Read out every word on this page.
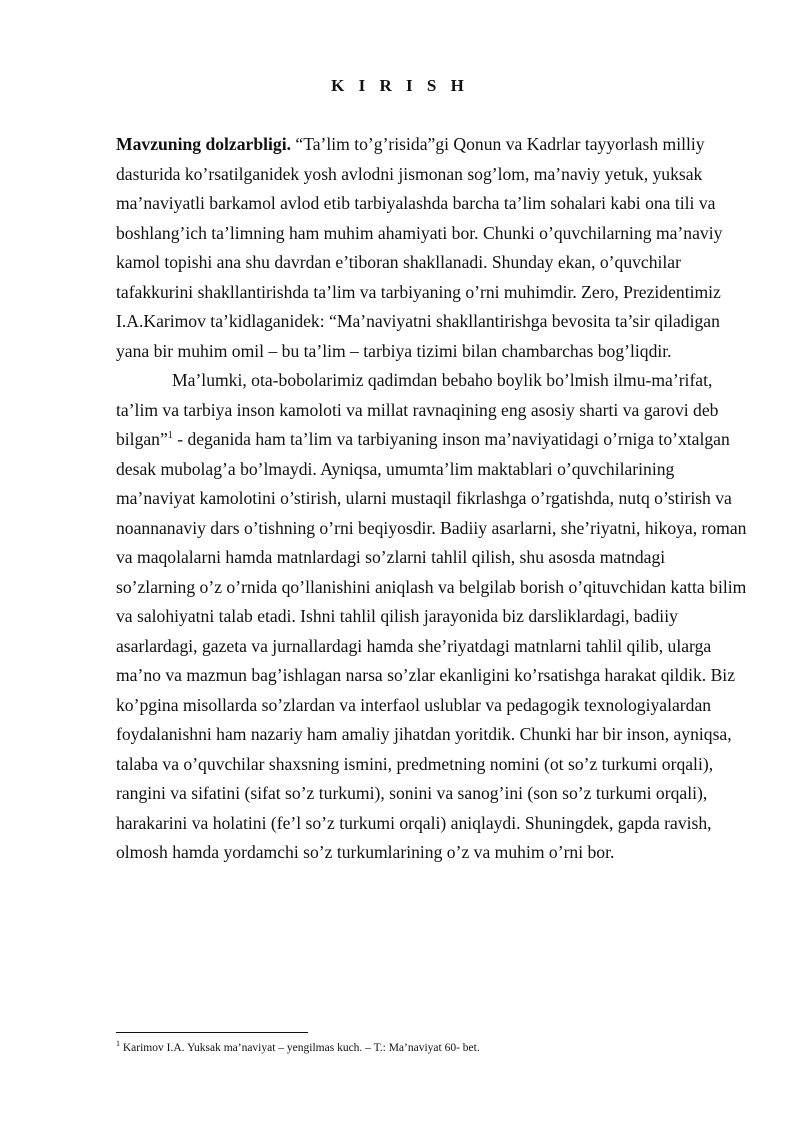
K I R I S H

Mavzuning dolzarbligi. “Ta’lim to’g’risida”gi Qonun va Kadrlar tayyorlash milliy dasturida ko’rsatilganidek yosh avlodni jismonan sog’lom, ma’naviy yetuk, yuksak ma’naviyatli barkamol avlod etib tarbiyalashda barcha ta’lim sohalari kabi ona tili va boshlang’ich ta’limning ham muhim ahamiyati bor. Chunki o’quvchilarning ma’naviy kamol topishi ana shu davrdan e’tiboran shakllanadi. Shunday ekan, o’quvchilar tafakkurini shakllantirishda ta’lim va tarbiyaning o’rni muhimdir. Zero, Prezidentimiz I.A.Karimov ta’kidlaganidek: “Ma’naviyatni shakllantirishga bevosita ta’sir qiladigan yana bir muhim omil – bu ta’lim – tarbiya tizimi bilan chambarchas bog’liqdir.

Ma’lumki, ota-bobolarimiz qadimdan bebaho boylik bo’lmish ilmu-ma’rifat, ta’lim va tarbiya inson kamoloti va millat ravnaqining eng asosiy sharti va garovi deb bilgan”$^1$ - deganida ham ta’lim va tarbiyaning inson ma’naviyatidagi o’rniga to’xtalgan desak mubolag’a bo’lmaydi. Ayniqsa, umumta’lim maktablari o’quvchilarining ma’naviyat kamolotini o’stirish, ularni mustaqil fikrlashga o’rgatishda, nutq o’stirish va noannanaviy dars o’tishning o’rni beqiyosdir. Badiiy asarlarni, she’riyatni, hikoya, roman va maqolalarni hamda matnlardagi so’zlarni tahlil qilish, shu asosda matndagi so’zlarning o’z o’rnida qo’llanishini aniqlash va belgilab borish o’qituvchidan katta bilim va salohiyatni talab etadi. Ishni tahlil qilish jarayonida biz darsliklardagi, badiiy asarlardagi, gazeta va jurnallardagi hamda she’riyatdagi matnlarni tahlil qilib, ularga ma’no va mazmun bag’ishlagan narsa so’zlar ekanligini ko’rsatishga harakat qildik. Biz ko’pgina misollarda so’zlardan va interfaol uslublar va pedagogik texnologiyalardan foydalanishni ham nazariy ham amaliy jihatdan yoritdik. Chunki har bir inson, ayniqsa, talaba va o’quvchilar shaxsning ismini, predmetning nomini (ot so’z turkumi orqali), rangini va sifatini (sifat so’z turkumi), sonini va sanog’ini (son so’z turkumi orqali), harakarini va holatini (fe’l so’z turkumi orqali) aniqlaydi. Shuningdek, gapda ravish, olmosh hamda yordamchi so’z turkumlarining o’z va muhim o’rni bor.

$^1$ Karimov I.A. Yuksak ma’naviyat – yengilmas kuch. – T.: Ma’naviyat 60- bet.
